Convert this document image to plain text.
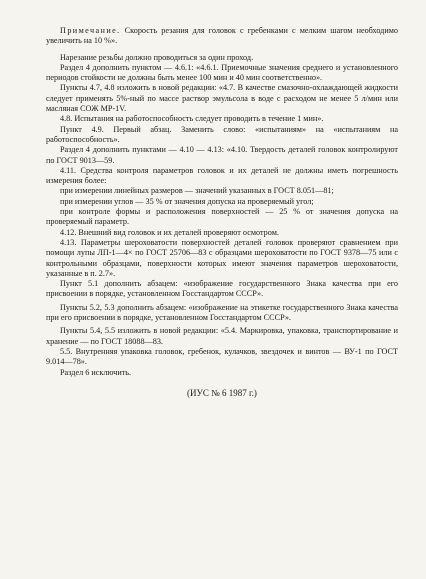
Примечание. Скорость резания для головок с гребенками с мелким шагом необходимо увеличить на 10 %».

Нарезание резьбы должно проводиться за один проход.

Раздел 4 дополнить пунктом — 4.6.1: «4.6.1. Приемочные значения среднего и установленного периодов стойкости не должны быть менее 100 мин и 40 мин соответственно».

Пункты 4.7, 4.8 изложить в новой редакции: «4.7. В качестве смазочно-охлаждающей жидкости следует применять 5%-ный по массе раствор эмульсола в воде с расходом не менее 5 л/мин или масляная СОЖ МР-1V.

4.8. Испытания на работоспособность следует проводить в течение 1 мин».

Пункт 4.9. Первый абзац. Заменить слово: «испытаниям» на «испытаниям на работоспособность».

Раздел 4 дополнить пунктами — 4.10 — 4.13: «4.10. Твердость деталей головок контролируют по ГОСТ 9013—59.

4.11. Средства контроля параметров головок и их деталей не должны иметь погрешность измерения более:

при измерении линейных размеров — значений указанных в ГОСТ 8.051—81;

при измерении углов — 35 % от значения допуска на проверяемый угол;

при контроле формы и расположения поверхностей — 25 % от значения допуска на проверяемый параметр.

4.12. Внешний вид головок и их деталей проверяют осмотром.

4.13. Параметры шероховатости поверхностей деталей головок проверяют сравнением при помощи лупы ЛП-1—4× по ГОСТ 25706—83 с образцами шероховатости по ГОСТ 9378—75 или с контрольными образцами, поверхности которых имеют значения параметров шероховатости, указанные в п. 2.7».

Пункт 5.1 дополнить абзацем: «изображение государственного Знака качества при его присвоении в порядке, установленном Госстандартом СССР».

Пункты 5.2, 5.3 дополнить абзацем: «изображение на этикетке государственного Знака качества при его присвоении в порядке, установленном Госстандартом СССР».

Пункты 5.4, 5.5 изложить в новой редакции: «5.4. Маркировка, упаковка, транспортирование и хранение — по ГОСТ 18088—83.

5.5. Внутренняя упаковка головок, гребенок, кулачков, звездочек и винтов — ВУ-1 по ГОСТ 9.014—78».

Раздел 6 исключить.

(ИУС № 6 1987 г.)
